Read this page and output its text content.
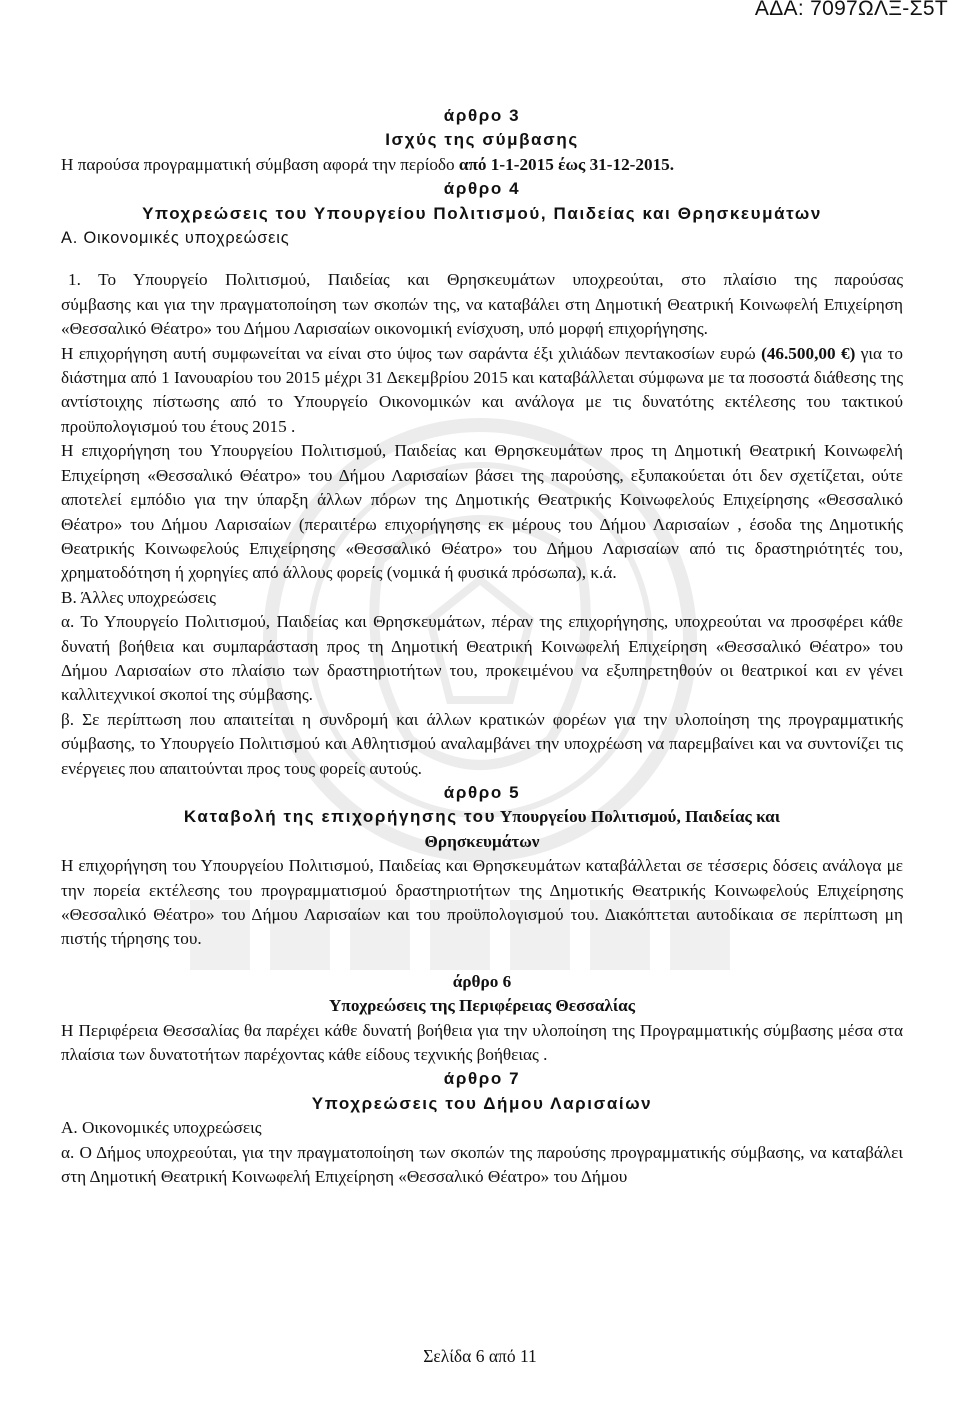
ΑΔΑ: 7097ΩΛΞ-Σ5Τ

άρθρο 3

Ισχύς της σύμβασης

Η παρούσα προγραμματική σύμβαση αφορά την περίοδο από 1-1-2015 έως 31-12-2015.

άρθρο 4

Υποχρεώσεις του Υπουργείου Πολιτισμού, Παιδείας και Θρησκευμάτων

Α. Οικονομικές υποχρεώσεις

1. Το Υπουργείο Πολιτισμού, Παιδείας και Θρησκευμάτων υποχρεούται, στο πλαίσιο της παρούσας

σύμβασης και για την πραγματοποίηση των σκοπών της, να καταβάλει στη Δημοτική Θεατρική Κοινωφελή Επιχείρηση «Θεσσαλικό Θέατρο» του Δήμου Λαρισαίων οικονομική ενίσχυση, υπό μορφή επιχορήγησης.

Η επιχορήγηση αυτή συμφωνείται να είναι στο ύψος των σαράντα έξι χιλιάδων πεντακοσίων ευρώ (46.500,00 €) για το διάστημα από 1 Ιανουαρίου του 2015 μέχρι 31 Δεκεμβρίου 2015 και καταβάλλεται σύμφωνα με τα ποσοστά διάθεσης της αντίστοιχης πίστωσης από το Υπουργείο Οικονομικών και ανάλογα με τις δυνατότης εκτέλεσης του τακτικού προϋπολογισμού του έτους 2015 .

Η επιχορήγηση του Υπουργείου Πολιτισμού, Παιδείας και Θρησκευμάτων προς τη Δημοτική Θεατρική Κοινωφελή Επιχείρηση «Θεσσαλικό Θέατρο» του Δήμου Λαρισαίων βάσει της παρούσης, εξυπακούεται ότι δεν σχετίζεται, ούτε αποτελεί εμπόδιο για την ύπαρξη άλλων πόρων της Δημοτικής Θεατρικής Κοινωφελούς Επιχείρησης «Θεσσαλικό Θέατρο» του Δήμου Λαρισαίων (περαιτέρω επιχορήγησης εκ μέρους του Δήμου Λαρισαίων , έσοδα της Δημοτικής Θεατρικής Κοινωφελούς Επιχείρησης «Θεσσαλικό Θέατρο» του Δήμου Λαρισαίων από τις δραστηριότητές του, χρηματοδότηση ή χορηγίες από άλλους φορείς (νομικά ή φυσικά πρόσωπα), κ.ά.

Β. Άλλες υποχρεώσεις

α. Το Υπουργείο Πολιτισμού, Παιδείας και Θρησκευμάτων, πέραν της επιχορήγησης, υποχρεούται να προσφέρει κάθε δυνατή βοήθεια και συμπαράσταση προς τη Δημοτική Θεατρική Κοινωφελή Επιχείρηση «Θεσσαλικό Θέατρο» του Δήμου Λαρισαίων στο πλαίσιο των δραστηριοτήτων του, προκειμένου να εξυπηρετηθούν οι θεατρικοί και εν γένει καλλιτεχνικοί σκοποί της σύμβασης.

β. Σε περίπτωση που απαιτείται η συνδρομή και άλλων κρατικών φορέων για την υλοποίηση της προγραμματικής σύμβασης, το Υπουργείο Πολιτισμού και Αθλητισμού αναλαμβάνει την υποχρέωση να παρεμβαίνει και να συντονίζει τις ενέργειες που απαιτούνται προς τους φορείς αυτούς.

άρθρο 5

Καταβολή της επιχορήγησης του Υπουργείου Πολιτισμού, Παιδείας και

Θρησκευμάτων

Η επιχορήγηση του Υπουργείου Πολιτισμού, Παιδείας και Θρησκευμάτων καταβάλλεται σε τέσσερις δόσεις ανάλογα με την πορεία εκτέλεσης του προγραμματισμού δραστηριοτήτων της Δημοτικής Θεατρικής Κοινωφελούς Επιχείρησης «Θεσσαλικό Θέατρο» του Δήμου Λαρισαίων και του προϋπολογισμού του. Διακόπτεται αυτοδίκαια σε περίπτωση μη πιστής τήρησης του.

άρθρο 6

Υποχρεώσεις της Περιφέρειας Θεσσαλίας

Η Περιφέρεια Θεσσαλίας θα παρέχει κάθε δυνατή βοήθεια για την υλοποίηση της Προγραμματικής σύμβασης μέσα στα πλαίσια των δυνατοτήτων παρέχοντας κάθε είδους τεχνικής βοήθειας .

άρθρο 7

Υποχρεώσεις του Δήμου Λαρισαίων

Α. Οικονομικές υποχρεώσεις

α. Ο Δήμος υποχρεούται, για την πραγματοποίηση των σκοπών της παρούσης προγραμματικής σύμβασης, να καταβάλει στη Δημοτική Θεατρική Κοινωφελή Επιχείρηση «Θεσσαλικό Θέατρο» του Δήμου

Σελίδα 6 από 11
